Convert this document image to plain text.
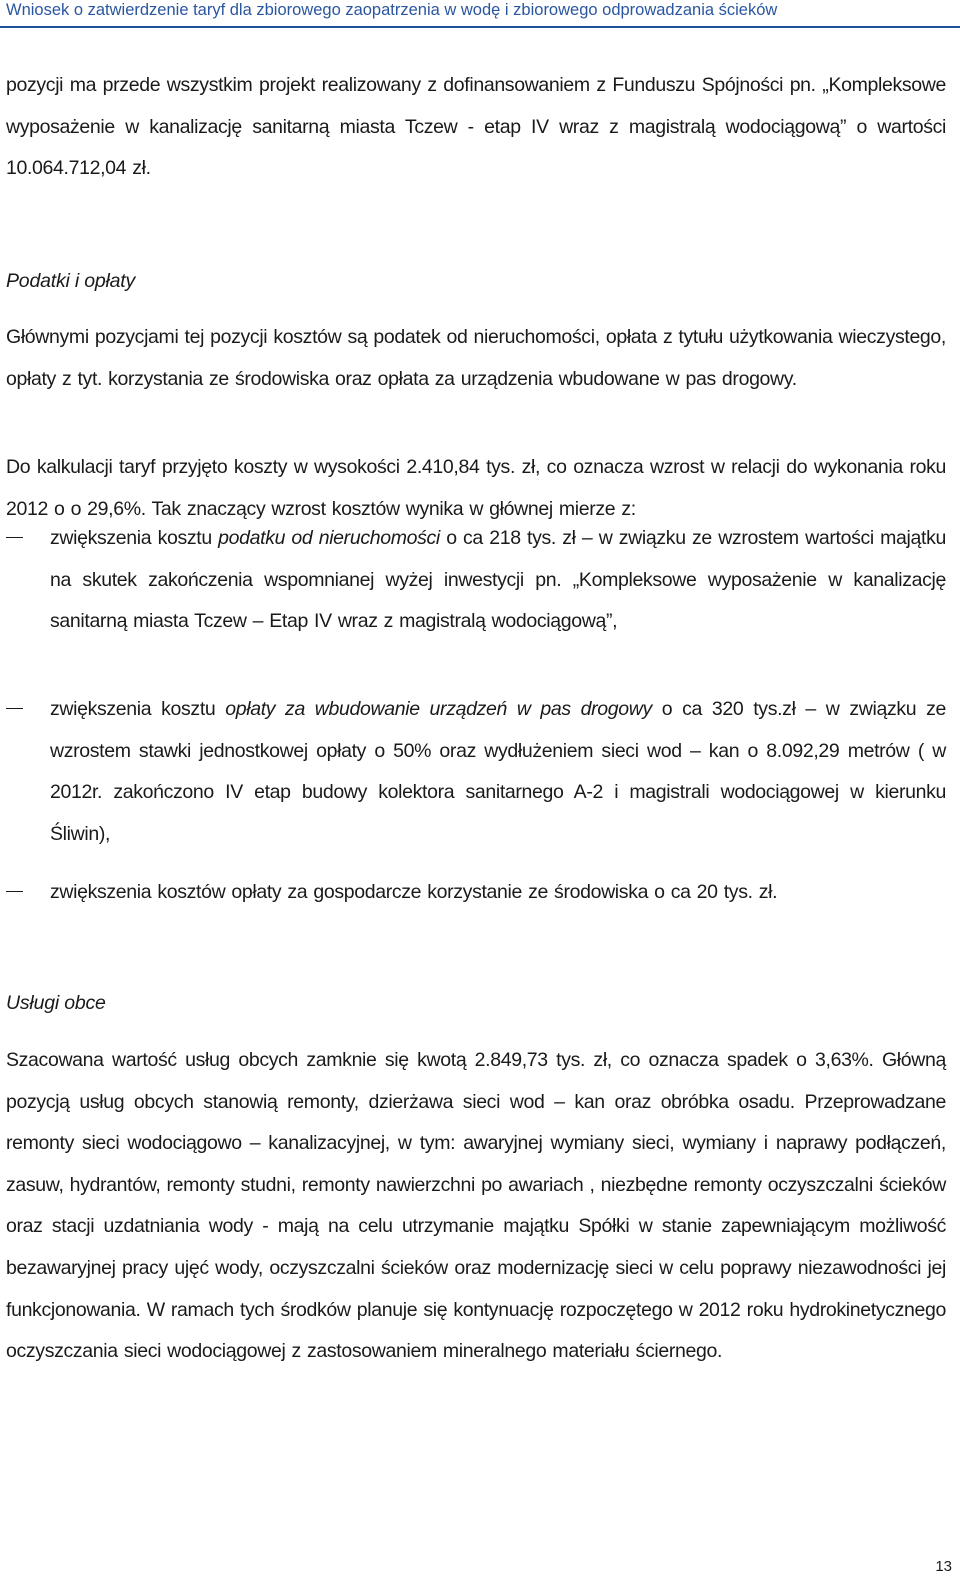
Wniosek o zatwierdzenie taryf dla zbiorowego zaopatrzenia w wodę i zbiorowego odprowadzania ścieków
pozycji ma przede wszystkim projekt realizowany z dofinansowaniem z Funduszu Spójności pn. „Kompleksowe wyposażenie w kanalizację sanitarną miasta Tczew - etap IV wraz z magistralą wodociągową” o wartości 10.064.712,04 zł.
Podatki i opłaty
Głównymi pozycjami tej pozycji kosztów są podatek od nieruchomości, opłata z tytułu użytkowania wieczystego, opłaty z tyt. korzystania ze środowiska oraz opłata za urządzenia wbudowane w pas drogowy.
Do kalkulacji taryf przyjęto koszty w wysokości 2.410,84 tys. zł, co oznacza wzrost w relacji do wykonania roku 2012 o o 29,6%. Tak znaczący wzrost kosztów wynika w głównej mierze z:
zwiększenia kosztu podatku od nieruchomości o ca 218 tys. zł – w związku ze wzrostem wartości majątku na skutek zakończenia wspomnianej wyżej inwestycji pn. „Kompleksowe wyposażenie w kanalizację sanitarną miasta Tczew – Etap IV wraz z magistralą wodociągową”,
zwiększenia kosztu opłaty za wbudowanie urządzeń w pas drogowy o ca 320 tys.zł – w związku ze wzrostem stawki jednostkowej opłaty o 50% oraz wydłużeniem sieci wod – kan o 8.092,29 metrów ( w 2012r. zakończono IV etap budowy kolektora sanitarnego A-2 i magistrali wodociągowej w kierunku Śliwin),
zwiększenia kosztów opłaty za gospodarcze korzystanie ze środowiska o ca 20 tys. zł.
Usługi obce
Szacowana wartość usług obcych zamknie się kwotą 2.849,73 tys. zł, co oznacza spadek o 3,63%. Główną pozycją usług obcych stanowią remonty, dzierżawa sieci wod – kan oraz obróbka osadu. Przeprowadzane remonty sieci wodociągowo – kanalizacyjnej, w tym: awaryjnej wymiany sieci, wymiany i naprawy podłączeń, zasuw, hydrantów, remonty studni, remonty nawierzchni po awariach , niezbędne remonty oczyszczalni ścieków oraz stacji uzdatniania wody - mają na celu utrzymanie majątku Spółki w stanie zapewniającym możliwość bezawaryjnej pracy ujęć wody, oczyszczalni ścieków oraz modernizację sieci w celu poprawy niezawodności jej funkcjonowania. W ramach tych środków planuje się kontynuację rozpoczętego w 2012 roku hydrokinetycznego oczyszczania sieci wodociągowej z zastosowaniem mineralnego materiału ściernego.
13
